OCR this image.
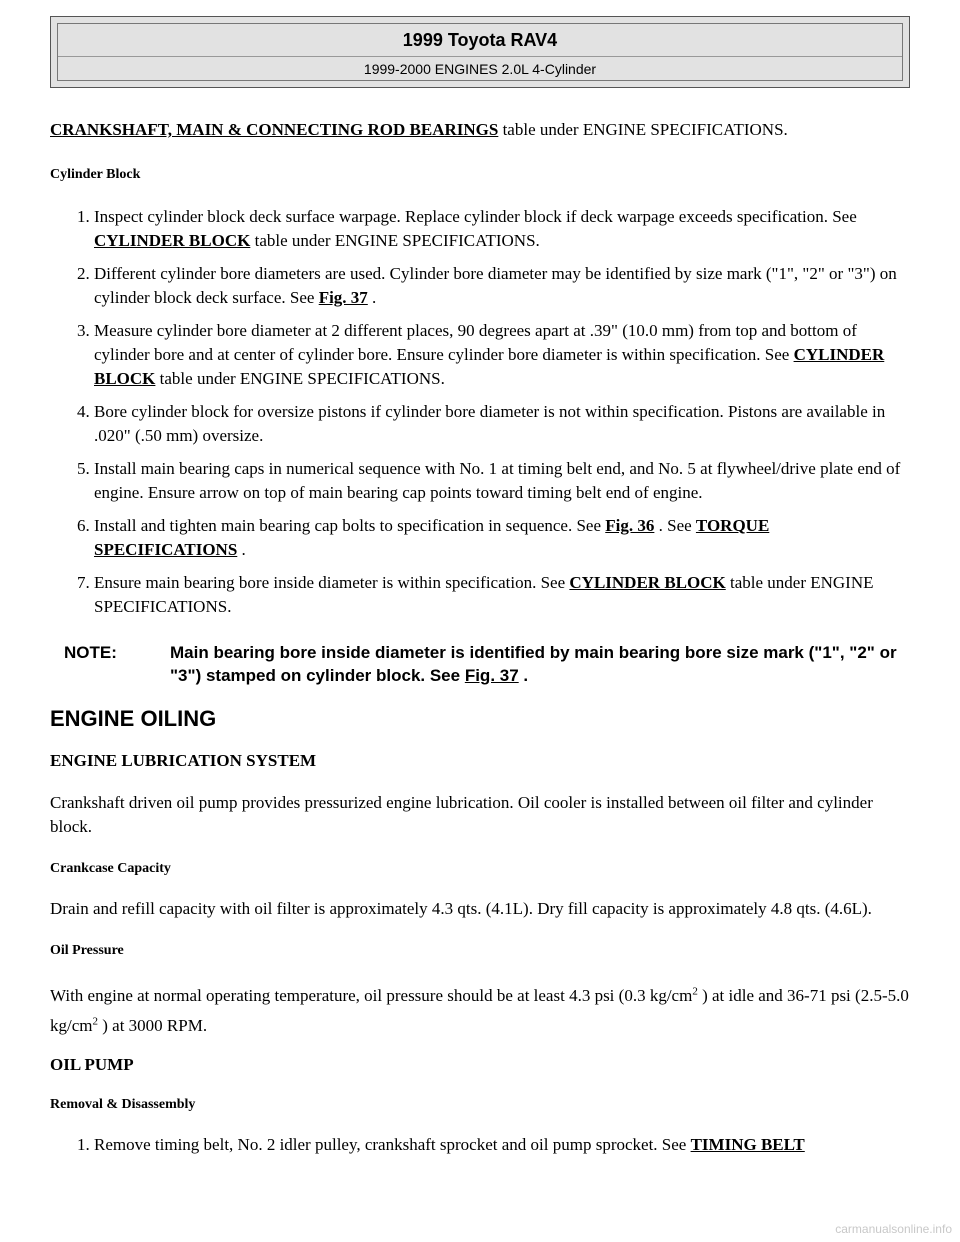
1999 Toyota RAV4
1999-2000 ENGINES 2.0L 4-Cylinder

CRANKSHAFT, MAIN & CONNECTING ROD BEARINGS table under ENGINE SPECIFICATIONS.

Cylinder Block

1. Inspect cylinder block deck surface warpage. Replace cylinder block if deck warpage exceeds specification. See CYLINDER BLOCK table under ENGINE SPECIFICATIONS.
2. Different cylinder bore diameters are used. Cylinder bore diameter may be identified by size mark ("1", "2" or "3") on cylinder block deck surface. See Fig. 37 .
3. Measure cylinder bore diameter at 2 different places, 90 degrees apart at .39" (10.0 mm) from top and bottom of cylinder bore and at center of cylinder bore. Ensure cylinder bore diameter is within specification. See CYLINDER BLOCK table under ENGINE SPECIFICATIONS.
4. Bore cylinder block for oversize pistons if cylinder bore diameter is not within specification. Pistons are available in .020" (.50 mm) oversize.
5. Install main bearing caps in numerical sequence with No. 1 at timing belt end, and No. 5 at flywheel/drive plate end of engine. Ensure arrow on top of main bearing cap points toward timing belt end of engine.
6. Install and tighten main bearing cap bolts to specification in sequence. See Fig. 36 . See TORQUE SPECIFICATIONS .
7. Ensure main bearing bore inside diameter is within specification. See CYLINDER BLOCK table under ENGINE SPECIFICATIONS.
NOTE:	Main bearing bore inside diameter is identified by main bearing bore size mark ("1", "2" or "3") stamped on cylinder block. See Fig. 37 .

ENGINE OILING

ENGINE LUBRICATION SYSTEM

Crankshaft driven oil pump provides pressurized engine lubrication. Oil cooler is installed between oil filter and cylinder block.

Crankcase Capacity

Drain and refill capacity with oil filter is approximately 4.3 qts. (4.1L). Dry fill capacity is approximately 4.8 qts. (4.6L).

Oil Pressure

With engine at normal operating temperature, oil pressure should be at least 4.3 psi (0.3 $kg/cm^2$ ) at idle and 36-71 psi (2.5-5.0 $kg/cm^2$ ) at 3000 RPM.

OIL PUMP

Removal & Disassembly

1. Remove timing belt, No. 2 idler pulley, crankshaft sprocket and oil pump sprocket. See TIMING BELT
carmanualsonline.info
